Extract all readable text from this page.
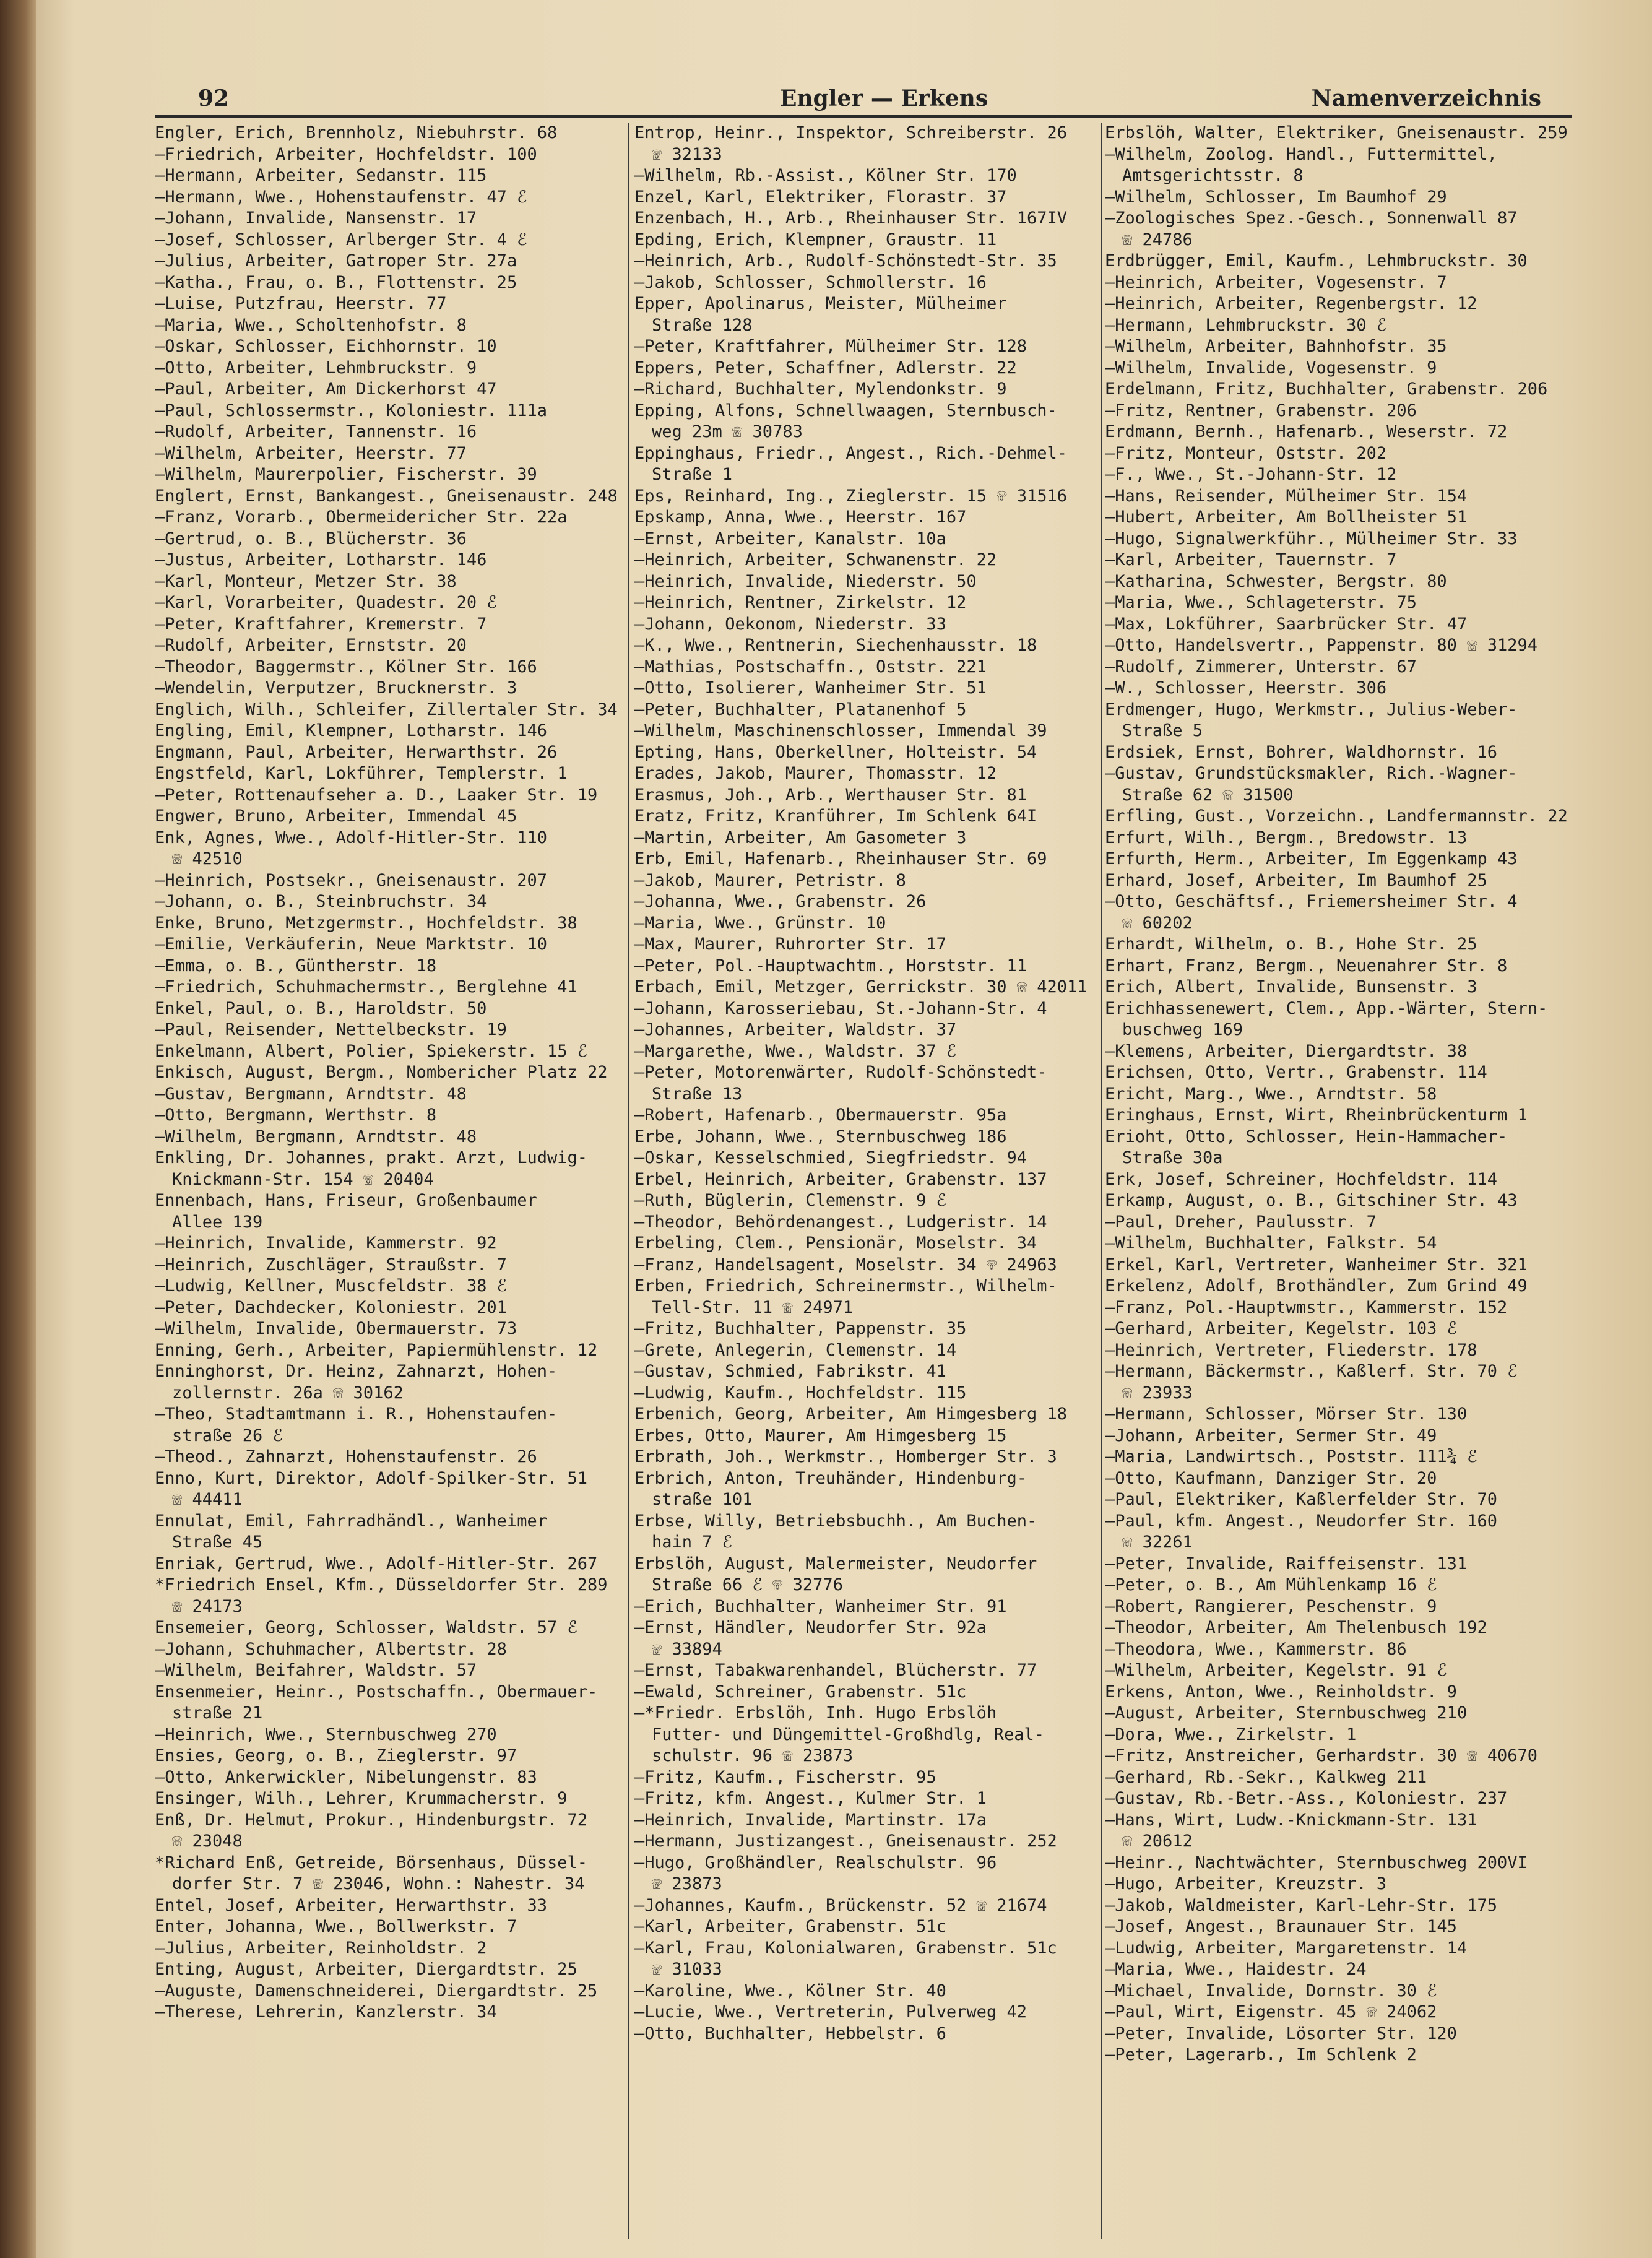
92	Engler — Erkens	Namenverzeichnis
Engler, Erich, Brennholz, Niebuhrstr. 68
—Friedrich, Arbeiter, Hochfeldstr. 100
—Hermann, Arbeiter, Sedanstr. 115
—Hermann, Wwe., Hohenstaufenstr. 47 ℰ
—Johann, Invalide, Nansenstr. 17
—Josef, Schlosser, Arlberger Str. 4 ℰ
—Julius, Arbeiter, Gatroper Str. 27a
—Katha., Frau, o. B., Flottenstr. 25
—Luise, Putzfrau, Heerstr. 77
—Maria, Wwe., Scholtenhofstr. 8
—Oskar, Schlosser, Eichhornstr. 10
—Otto, Arbeiter, Lehmbruckstr. 9
—Paul, Arbeiter, Am Dickerhorst 47
—Paul, Schlossermstr., Koloniestr. 111a
—Rudolf, Arbeiter, Tannenstr. 16
—Wilhelm, Arbeiter, Heerstr. 77
—Wilhelm, Maurerpolier, Fischerstr. 39
Englert, Ernst, Bankangest., Gneisenaustr. 248
—Franz, Vorarb., Obermeidericher Str. 22a
—Gertrud, o. B., Blücherstr. 36
—Justus, Arbeiter, Lotharstr. 146
—Karl, Monteur, Metzer Str. 38
—Karl, Vorarbeiter, Quadestr. 20 ℰ
—Peter, Kraftfahrer, Kremerstr. 7
—Rudolf, Arbeiter, Ernststr. 20
—Theodor, Baggermstr., Kölner Str. 166
—Wendelin, Verputzer, Brucknerstr. 3
Englich, Wilh., Schleifer, Zillertaler Str. 34
Engling, Emil, Klempner, Lotharstr. 146
Engmann, Paul, Arbeiter, Herwarthstr. 26
Engstfeld, Karl, Lokführer, Templerstr. 1
—Peter, Rottenaufseher a. D., Laaker Str. 19
Engwer, Bruno, Arbeiter, Immendal 45
Enk, Agnes, Wwe., Adolf-Hitler-Str. 110
☏ 42510
—Heinrich, Postsekr., Gneisenaustr. 207
—Johann, o. B., Steinbruchstr. 34
Enke, Bruno, Metzgermstr., Hochfeldstr. 38
—Emilie, Verkäuferin, Neue Marktstr. 10
—Emma, o. B., Güntherstr. 18
—Friedrich, Schuhmachermstr., Berglehne 41
Enkel, Paul, o. B., Haroldstr. 50
—Paul, Reisender, Nettelbeckstr. 19
Enkelmann, Albert, Polier, Spiekerstr. 15 ℰ
Enkisch, August, Bergm., Nombericher Platz 22
—Gustav, Bergmann, Arndtstr. 48
—Otto, Bergmann, Werthstr. 8
—Wilhelm, Bergmann, Arndtstr. 48
Enkling, Dr. Johannes, prakt. Arzt, Ludwig-
Knickmann-Str. 154 ☏ 20404
Ennenbach, Hans, Friseur, Großenbaumer
Allee 139
—Heinrich, Invalide, Kammerstr. 92
—Heinrich, Zuschläger, Straußstr. 7
—Ludwig, Kellner, Muscfeldstr. 38 ℰ
—Peter, Dachdecker, Koloniestr. 201
—Wilhelm, Invalide, Obermauerstr. 73
Enning, Gerh., Arbeiter, Papiermühlenstr. 12
Enninghorst, Dr. Heinz, Zahnarzt, Hohen-
zollernstr. 26a ☏ 30162
—Theo, Stadtamtmann i. R., Hohenstaufen-
straße 26 ℰ
—Theod., Zahnarzt, Hohenstaufenstr. 26
Enno, Kurt, Direktor, Adolf-Spilker-Str. 51
☏ 44411
Ennulat, Emil, Fahrradhändl., Wanheimer
Straße 45
Enriak, Gertrud, Wwe., Adolf-Hitler-Str. 267
*Friedrich Ensel, Kfm., Düsseldorfer Str. 289
☏ 24173
Ensemeier, Georg, Schlosser, Waldstr. 57 ℰ
—Johann, Schuhmacher, Albertstr. 28
—Wilhelm, Beifahrer, Waldstr. 57
Ensenmeier, Heinr., Postschaffn., Obermauer-
straße 21
—Heinrich, Wwe., Sternbuschweg 270
Ensies, Georg, o. B., Zieglerstr. 97
—Otto, Ankerwickler, Nibelungenstr. 83
Ensinger, Wilh., Lehrer, Krummacherstr. 9
Enß, Dr. Helmut, Prokur., Hindenburgstr. 72
☏ 23048
*Richard Enß, Getreide, Börsenhaus, Düssel-
dorfer Str. 7 ☏ 23046, Wohn.: Nahestr. 34
Entel, Josef, Arbeiter, Herwarthstr. 33
Enter, Johanna, Wwe., Bollwerkstr. 7
—Julius, Arbeiter, Reinholdstr. 2
Enting, August, Arbeiter, Diergardtstr. 25
—Auguste, Damenschneiderei, Diergardtstr. 25
—Therese, Lehrerin, Kanzlerstr. 34
Entrop, Heinr., Inspektor, Schreiberstr. 26
☏ 32133
—Wilhelm, Rb.-Assist., Kölner Str. 170
Enzel, Karl, Elektriker, Florastr. 37
Enzenbach, H., Arb., Rheinhauser Str. 167IV
Epding, Erich, Klempner, Graustr. 11
—Heinrich, Arb., Rudolf-Schönstedt-Str. 35
—Jakob, Schlosser, Schmollerstr. 16
Epper, Apolinarus, Meister, Mülheimer
Straße 128
—Peter, Kraftfahrer, Mülheimer Str. 128
Eppers, Peter, Schaffner, Adlerstr. 22
—Richard, Buchhalter, Mylendonkstr. 9
Epping, Alfons, Schnellwaagen, Sternbusch-
weg 23m ☏ 30783
Eppinghaus, Friedr., Angest., Rich.-Dehmel-
Straße 1
Eps, Reinhard, Ing., Zieglerstr. 15 ☏ 31516
Epskamp, Anna, Wwe., Heerstr. 167
—Ernst, Arbeiter, Kanalstr. 10a
—Heinrich, Arbeiter, Schwanenstr. 22
—Heinrich, Invalide, Niederstr. 50
—Heinrich, Rentner, Zirkelstr. 12
—Johann, Oekonom, Niederstr. 33
—K., Wwe., Rentnerin, Siechenhausstr. 18
—Mathias, Postschaffn., Oststr. 221
—Otto, Isolierer, Wanheimer Str. 51
—Peter, Buchhalter, Platanenhof 5
—Wilhelm, Maschinenschlosser, Immendal 39
Epting, Hans, Oberkellner, Holteistr. 54
Erades, Jakob, Maurer, Thomasstr. 12
Erasmus, Joh., Arb., Werthauser Str. 81
Eratz, Fritz, Kranführer, Im Schlenk 64I
—Martin, Arbeiter, Am Gasometer 3
Erb, Emil, Hafenarb., Rheinhauser Str. 69
—Jakob, Maurer, Petristr. 8
—Johanna, Wwe., Grabenstr. 26
—Maria, Wwe., Grünstr. 10
—Max, Maurer, Ruhrorter Str. 17
—Peter, Pol.-Hauptwachtm., Horststr. 11
Erbach, Emil, Metzger, Gerrickstr. 30 ☏ 42011
—Johann, Karosseriebau, St.-Johann-Str. 4
—Johannes, Arbeiter, Waldstr. 37
—Margarethe, Wwe., Waldstr. 37 ℰ
—Peter, Motorenwärter, Rudolf-Schönstedt-
Straße 13
—Robert, Hafenarb., Obermauerstr. 95a
Erbe, Johann, Wwe., Sternbuschweg 186
—Oskar, Kesselschmied, Siegfriedstr. 94
Erbel, Heinrich, Arbeiter, Grabenstr. 137
—Ruth, Büglerin, Clemenstr. 9 ℰ
—Theodor, Behördenangest., Ludgeristr. 14
Erbeling, Clem., Pensionär, Moselstr. 34
—Franz, Handelsagent, Moselstr. 34 ☏ 24963
Erben, Friedrich, Schreinermstr., Wilhelm-
Tell-Str. 11 ☏ 24971
—Fritz, Buchhalter, Pappenstr. 35
—Grete, Anlegerin, Clemenstr. 14
—Gustav, Schmied, Fabrikstr. 41
—Ludwig, Kaufm., Hochfeldstr. 115
Erbenich, Georg, Arbeiter, Am Himgesberg 18
Erbes, Otto, Maurer, Am Himgesberg 15
Erbrath, Joh., Werkmstr., Homberger Str. 3
Erbrich, Anton, Treuhänder, Hindenburg-
straße 101
Erbse, Willy, Betriebsbuchh., Am Buchen-
hain 7 ℰ
Erbslöh, August, Malermeister, Neudorfer
Straße 66 ℰ ☏ 32776
—Erich, Buchhalter, Wanheimer Str. 91
—Ernst, Händler, Neudorfer Str. 92a
☏ 33894
—Ernst, Tabakwarenhandel, Blücherstr. 77
—Ewald, Schreiner, Grabenstr. 51c
—*Friedr. Erbslöh, Inh. Hugo Erbslöh
Futter- und Düngemittel-Großhdlg, Real-
schulstr. 96 ☏ 23873
—Fritz, Kaufm., Fischerstr. 95
—Fritz, kfm. Angest., Kulmer Str. 1
—Heinrich, Invalide, Martinstr. 17a
—Hermann, Justizangest., Gneisenaustr. 252
—Hugo, Großhändler, Realschulstr. 96
☏ 23873
—Johannes, Kaufm., Brückenstr. 52 ☏ 21674
—Karl, Arbeiter, Grabenstr. 51c
—Karl, Frau, Kolonialwaren, Grabenstr. 51c
☏ 31033
—Karoline, Wwe., Kölner Str. 40
—Lucie, Wwe., Vertreterin, Pulverweg 42
—Otto, Buchhalter, Hebbelstr. 6
Erbslöh, Walter, Elektriker, Gneisenaustr. 259
—Wilhelm, Zoolog. Handl., Futtermittel,
Amtsgerichtsstr. 8
—Wilhelm, Schlosser, Im Baumhof 29
—Zoologisches Spez.-Gesch., Sonnenwall 87
☏ 24786
Erdbrügger, Emil, Kaufm., Lehmbruckstr. 30
—Heinrich, Arbeiter, Vogesenstr. 7
—Heinrich, Arbeiter, Regenbergstr. 12
—Hermann, Lehmbruckstr. 30 ℰ
—Wilhelm, Arbeiter, Bahnhofstr. 35
—Wilhelm, Invalide, Vogesenstr. 9
Erdelmann, Fritz, Buchhalter, Grabenstr. 206
—Fritz, Rentner, Grabenstr. 206
Erdmann, Bernh., Hafenarb., Weserstr. 72
—Fritz, Monteur, Oststr. 202
—F., Wwe., St.-Johann-Str. 12
—Hans, Reisender, Mülheimer Str. 154
—Hubert, Arbeiter, Am Bollheister 51
—Hugo, Signalwerkführ., Mülheimer Str. 33
—Karl, Arbeiter, Tauernstr. 7
—Katharina, Schwester, Bergstr. 80
—Maria, Wwe., Schlageterstr. 75
—Max, Lokführer, Saarbrücker Str. 47
—Otto, Handelsvertr., Pappenstr. 80 ☏ 31294
—Rudolf, Zimmerer, Unterstr. 67
—W., Schlosser, Heerstr. 306
Erdmenger, Hugo, Werkmstr., Julius-Weber-
Straße 5
Erdsiek, Ernst, Bohrer, Waldhornstr. 16
—Gustav, Grundstücksmakler, Rich.-Wagner-
Straße 62 ☏ 31500
Erfling, Gust., Vorzeichn., Landfermannstr. 22
Erfurt, Wilh., Bergm., Bredowstr. 13
Erfurth, Herm., Arbeiter, Im Eggenkamp 43
Erhard, Josef, Arbeiter, Im Baumhof 25
—Otto, Geschäftsf., Friemersheimer Str. 4
☏ 60202
Erhardt, Wilhelm, o. B., Hohe Str. 25
Erhart, Franz, Bergm., Neuenahrer Str. 8
Erich, Albert, Invalide, Bunsenstr. 3
Erichhassenewert, Clem., App.-Wärter, Stern-
buschweg 169
—Klemens, Arbeiter, Diergardtstr. 38
Erichsen, Otto, Vertr., Grabenstr. 114
Ericht, Marg., Wwe., Arndtstr. 58
Eringhaus, Ernst, Wirt, Rheinbrückenturm 1
Erioht, Otto, Schlosser, Hein-Hammacher-
Straße 30a
Erk, Josef, Schreiner, Hochfeldstr. 114
Erkamp, August, o. B., Gitschiner Str. 43
—Paul, Dreher, Paulusstr. 7
—Wilhelm, Buchhalter, Falkstr. 54
Erkel, Karl, Vertreter, Wanheimer Str. 321
Erkelenz, Adolf, Brothändler, Zum Grind 49
—Franz, Pol.-Hauptwmstr., Kammerstr. 152
—Gerhard, Arbeiter, Kegelstr. 103 ℰ
—Heinrich, Vertreter, Fliederstr. 178
—Hermann, Bäckermstr., Kaßlerf. Str. 70 ℰ
☏ 23933
—Hermann, Schlosser, Mörser Str. 130
—Johann, Arbeiter, Sermer Str. 49
—Maria, Landwirtsch., Poststr. 111¾ ℰ
—Otto, Kaufmann, Danziger Str. 20
—Paul, Elektriker, Kaßlerfelder Str. 70
—Paul, kfm. Angest., Neudorfer Str. 160
☏ 32261
—Peter, Invalide, Raiffeisenstr. 131
—Peter, o. B., Am Mühlenkamp 16 ℰ
—Robert, Rangierer, Peschenstr. 9
—Theodor, Arbeiter, Am Thelenbusch 192
—Theodora, Wwe., Kammerstr. 86
—Wilhelm, Arbeiter, Kegelstr. 91 ℰ
Erkens, Anton, Wwe., Reinholdstr. 9
—August, Arbeiter, Sternbuschweg 210
—Dora, Wwe., Zirkelstr. 1
—Fritz, Anstreicher, Gerhardstr. 30 ☏ 40670
—Gerhard, Rb.-Sekr., Kalkweg 211
—Gustav, Rb.-Betr.-Ass., Koloniestr. 237
—Hans, Wirt, Ludw.-Knickmann-Str. 131
☏ 20612
—Heinr., Nachtwächter, Sternbuschweg 200VI
—Hugo, Arbeiter, Kreuzstr. 3
—Jakob, Waldmeister, Karl-Lehr-Str. 175
—Josef, Angest., Braunauer Str. 145
—Ludwig, Arbeiter, Margaretenstr. 14
—Maria, Wwe., Haidestr. 24
—Michael, Invalide, Dornstr. 30 ℰ
—Paul, Wirt, Eigenstr. 45 ☏ 24062
—Peter, Invalide, Lösorter Str. 120
—Peter, Lagerarb., Im Schlenk 2
